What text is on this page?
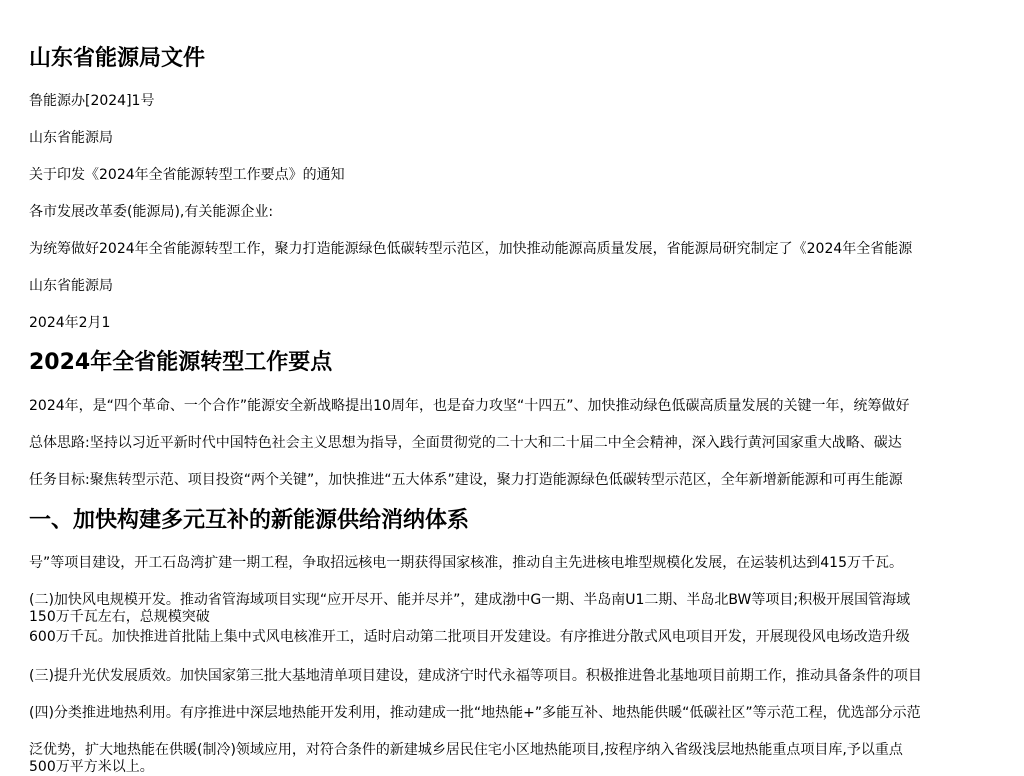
山东省能源局文件

鲁能源办[2024]1号

山东省能源局

关于印发《2024年全省能源转型工作要点》的通知

各市发展改革委(能源局),有关能源企业:

为统筹做好2024年全省能源转型工作，聚力打造能源绿色低碳转型示范区，加快推动能源高质量发展，省能源局研究制定了《2024年全省能源

山东省能源局

2024年2月1

2024年全省能源转型工作要点

2024年，是“四个革命、一个合作”能源安全新战略提出10周年，也是奋力攻坚“十四五”、加快推动绿色低碳高质量发展的关键一年，统筹做好

总体思路:坚持以习近平新时代中国特色社会主义思想为指导，全面贯彻党的二十大和二十届二中全会精神，深入践行黄河国家重大战略、碳达

任务目标:聚焦转型示范、项目投资“两个关键”，加快推进“五大体系”建设，聚力打造能源绿色低碳转型示范区，全年新增新能源和可再生能源

一、加快构建多元互补的新能源供给消纳体系

号”等项目建设，开工石岛湾扩建一期工程，争取招远核电一期获得国家核准，推动自主先进核电堆型规模化发展，在运装机达到415万千瓦。

(二)加快风电规模开发。推动省管海域项目实现“应开尽开、能并尽并”，建成渤中G一期、半岛南U1二期、半岛北BW等项目;积极开展国管海域

150万千瓦左右，总规模突破

600万千瓦。加快推进首批陆上集中式风电核准开工，适时启动第二批项目开发建设。有序推进分散式风电项目开发，开展现役风电场改造升级

(三)提升光伏发展质效。加快国家第三批大基地清单项目建设，建成济宁时代永福等项目。积极推进鲁北基地项目前期工作，推动具备条件的项目

(四)分类推进地热利用。有序推进中深层地热能开发利用，推动建成一批“地热能+”多能互补、地热能供暖“低碳社区”等示范工程，优选部分示范

泛优势，扩大地热能在供暖(制冷)领域应用，对符合条件的新建城乡居民住宅小区地热能项目,按程序纳入省级浅层地热能重点项目库,予以重点

500万平方米以上。
